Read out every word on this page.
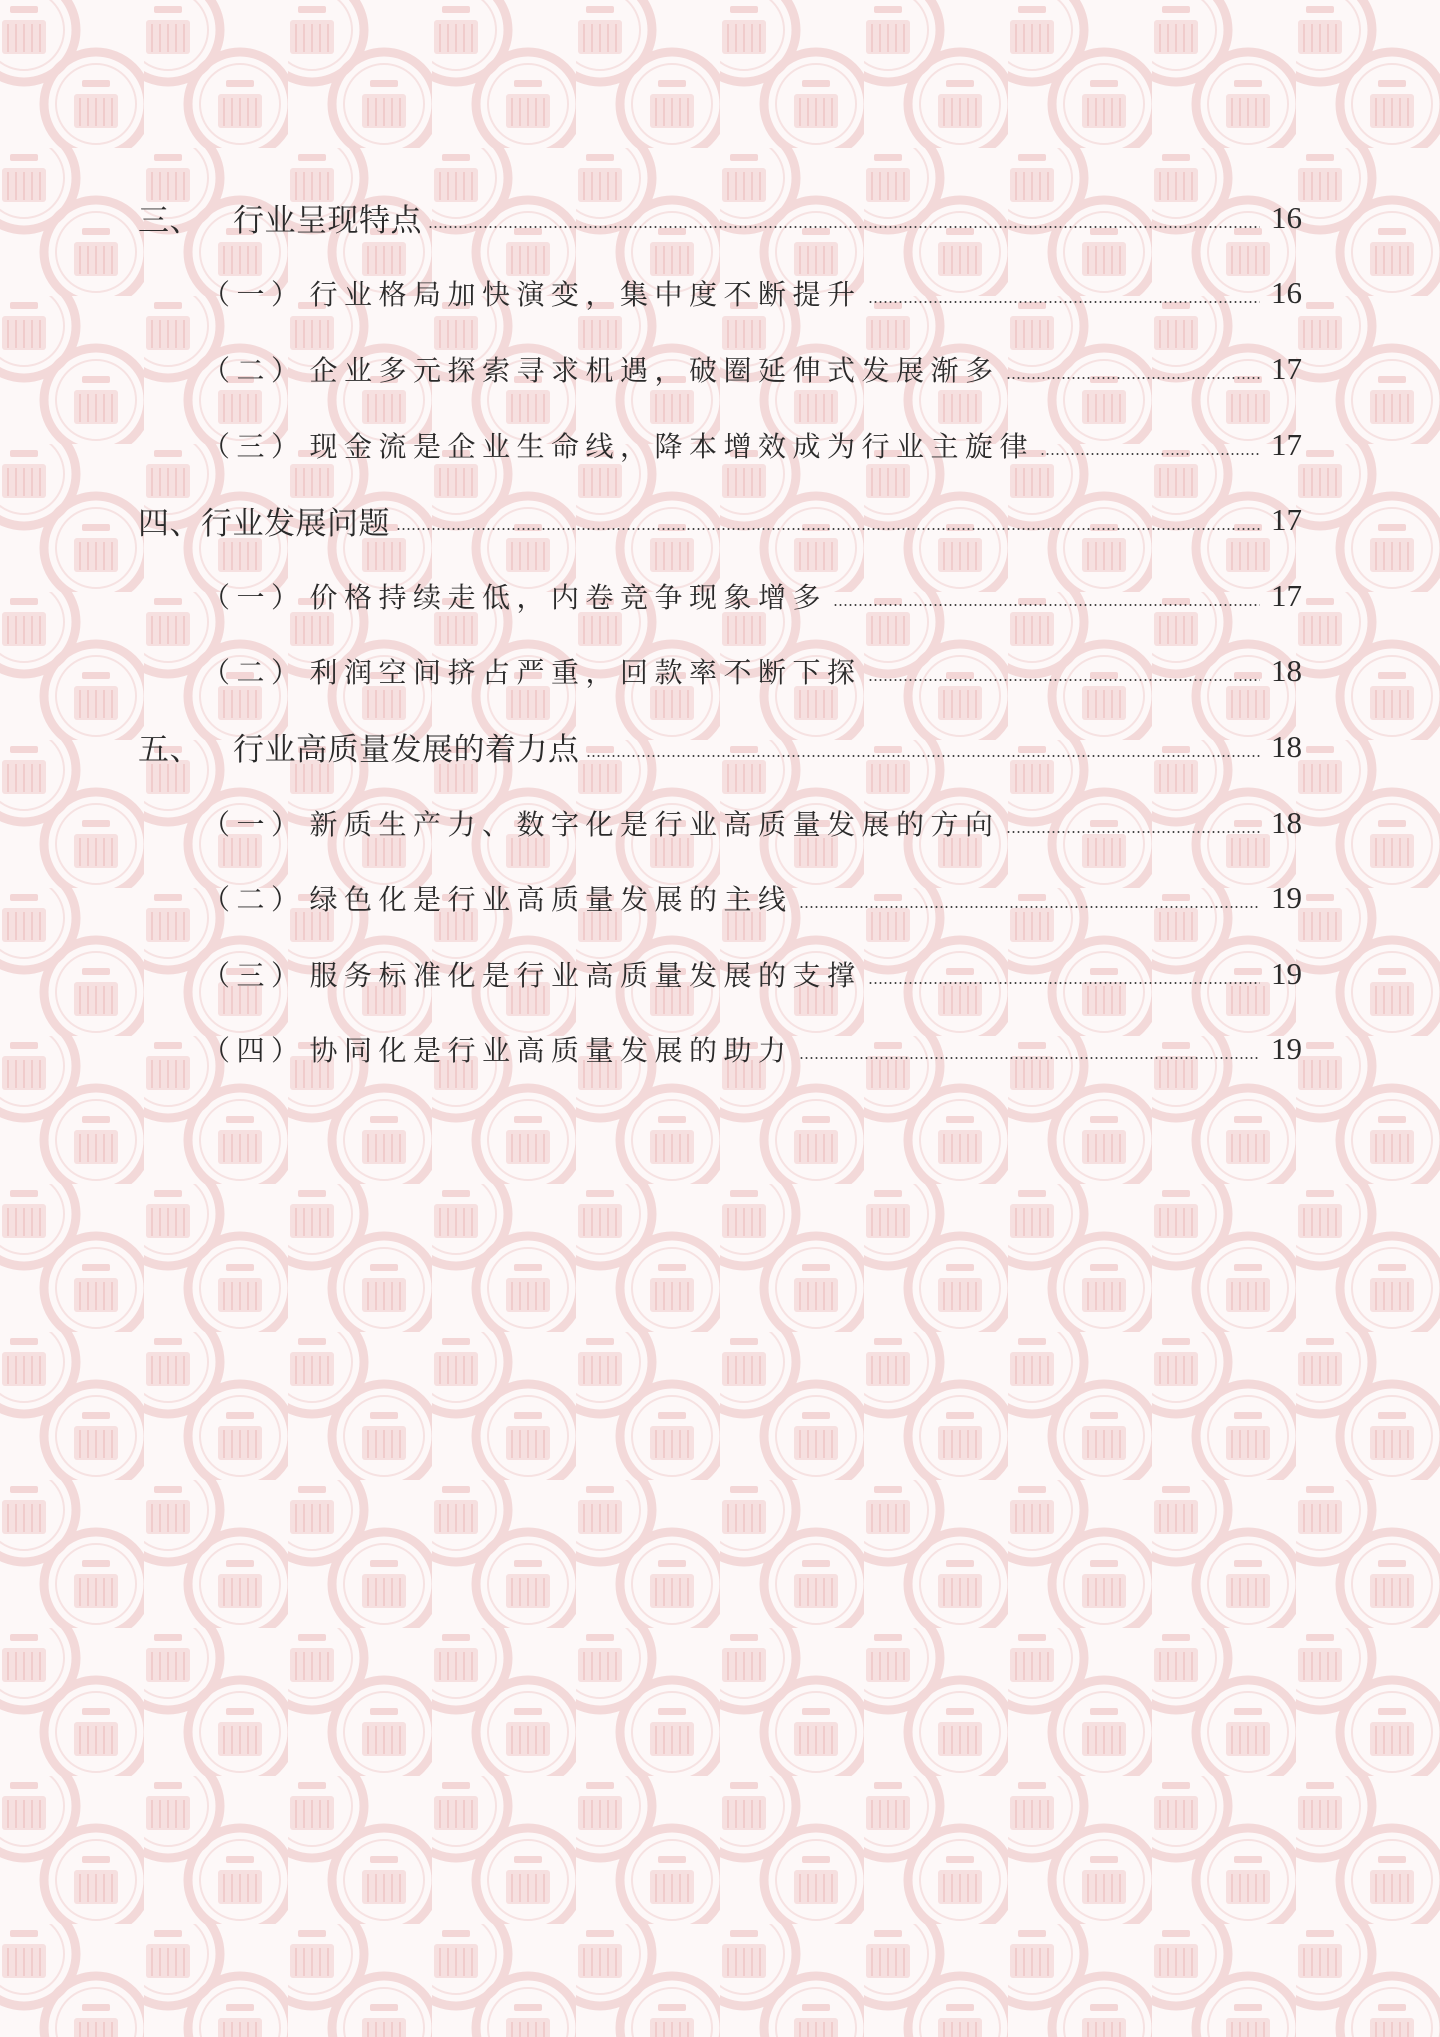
三、 行业呈现特点	16
（一） 行业格局加快演变，集中度不断提升	16
（二） 企业多元探索寻求机遇，破圈延伸式发展渐多	17
（三） 现金流是企业生命线，降本增效成为行业主旋律	17
四、 行业发展问题	17
（一） 价格持续走低，内卷竞争现象增多	17
（二） 利润空间挤占严重，回款率不断下探	18
五、 行业高质量发展的着力点	18
（一） 新质生产力、数字化是行业高质量发展的方向	18
（二） 绿色化是行业高质量发展的主线	19
（三） 服务标准化是行业高质量发展的支撑	19
（四） 协同化是行业高质量发展的助力	19
